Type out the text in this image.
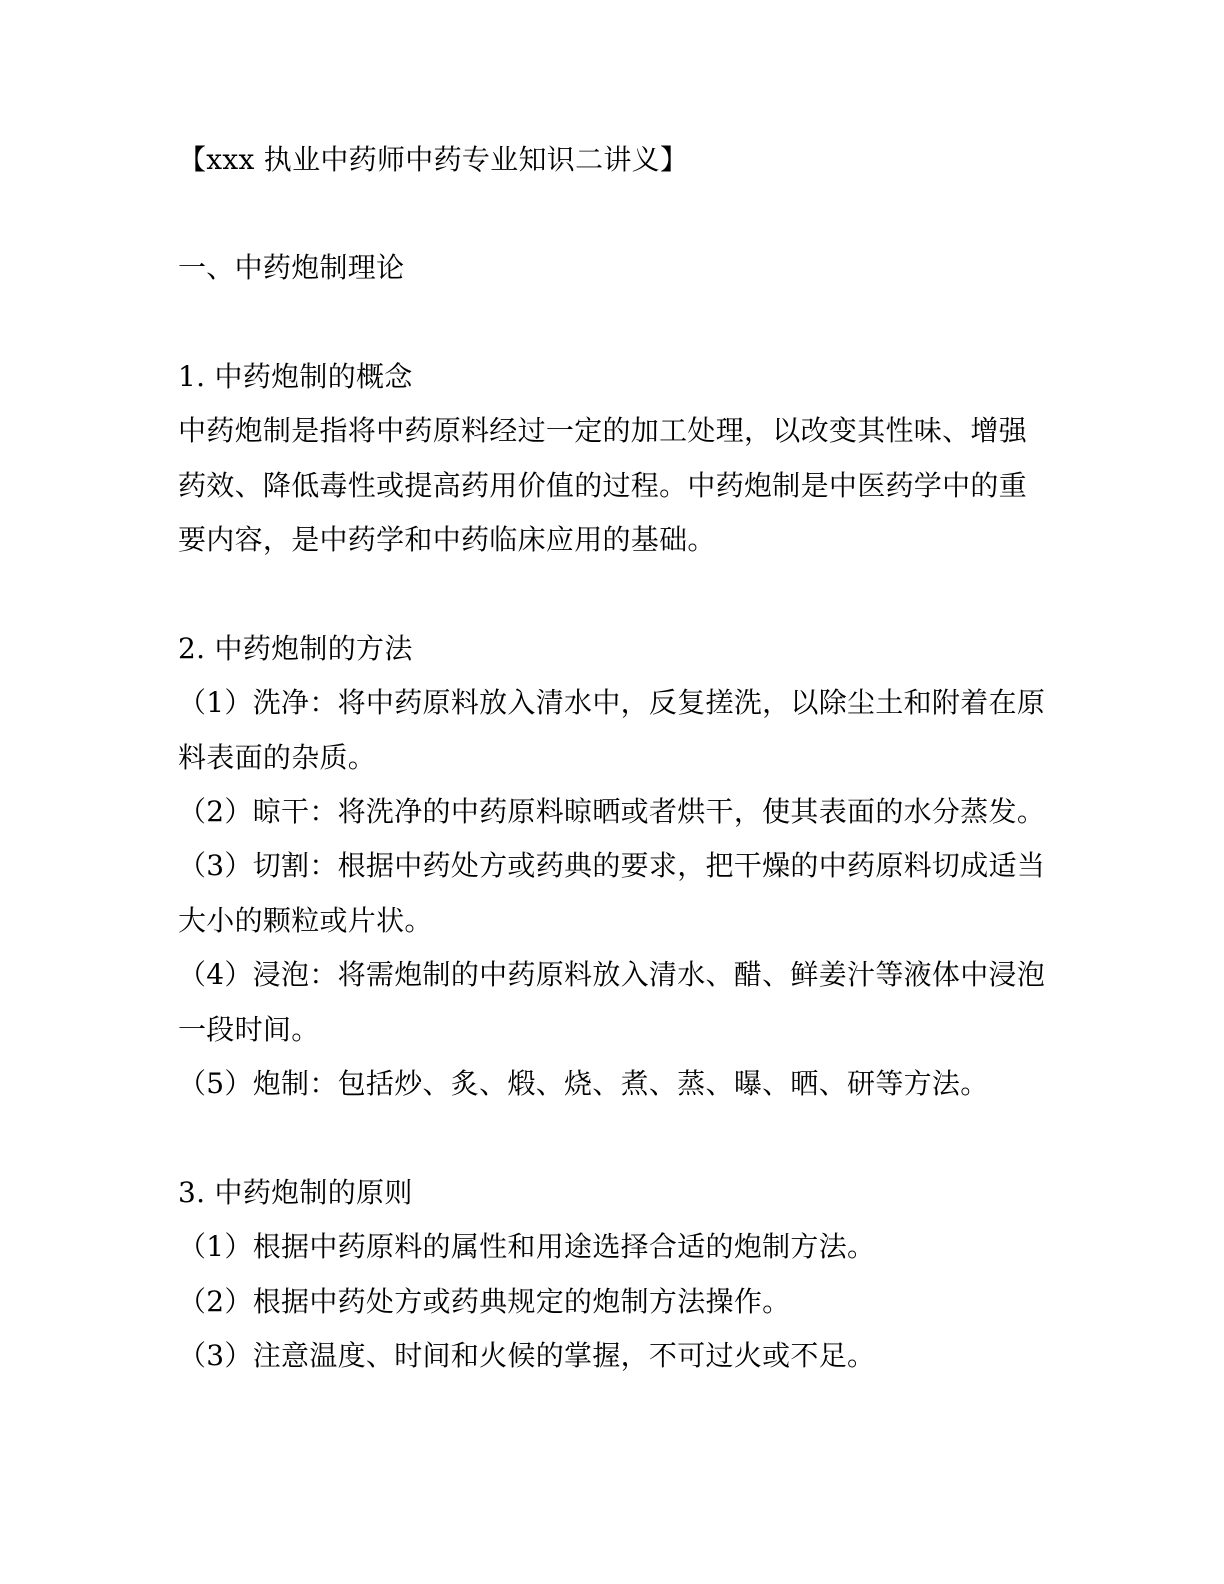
【xxx 执业中药师中药专业知识二讲义】
一、中药炮制理论
1. 中药炮制的概念
中药炮制是指将中药原料经过一定的加工处理，以改变其性味、增强
药效、降低毒性或提高药用价值的过程。中药炮制是中医药学中的重
要内容，是中药学和中药临床应用的基础。
2. 中药炮制的方法
（1）洗净：将中药原料放入清水中，反复搓洗，以除尘土和附着在原
料表面的杂质。
（2）晾干：将洗净的中药原料晾晒或者烘干，使其表面的水分蒸发。
（3）切割：根据中药处方或药典的要求，把干燥的中药原料切成适当
大小的颗粒或片状。
（4）浸泡：将需炮制的中药原料放入清水、醋、鲜姜汁等液体中浸泡
一段时间。
（5）炮制：包括炒、炙、煅、烧、煮、蒸、曝、晒、研等方法。
3. 中药炮制的原则
（1）根据中药原料的属性和用途选择合适的炮制方法。
（2）根据中药处方或药典规定的炮制方法操作。
（3）注意温度、时间和火候的掌握，不可过火或不足。
